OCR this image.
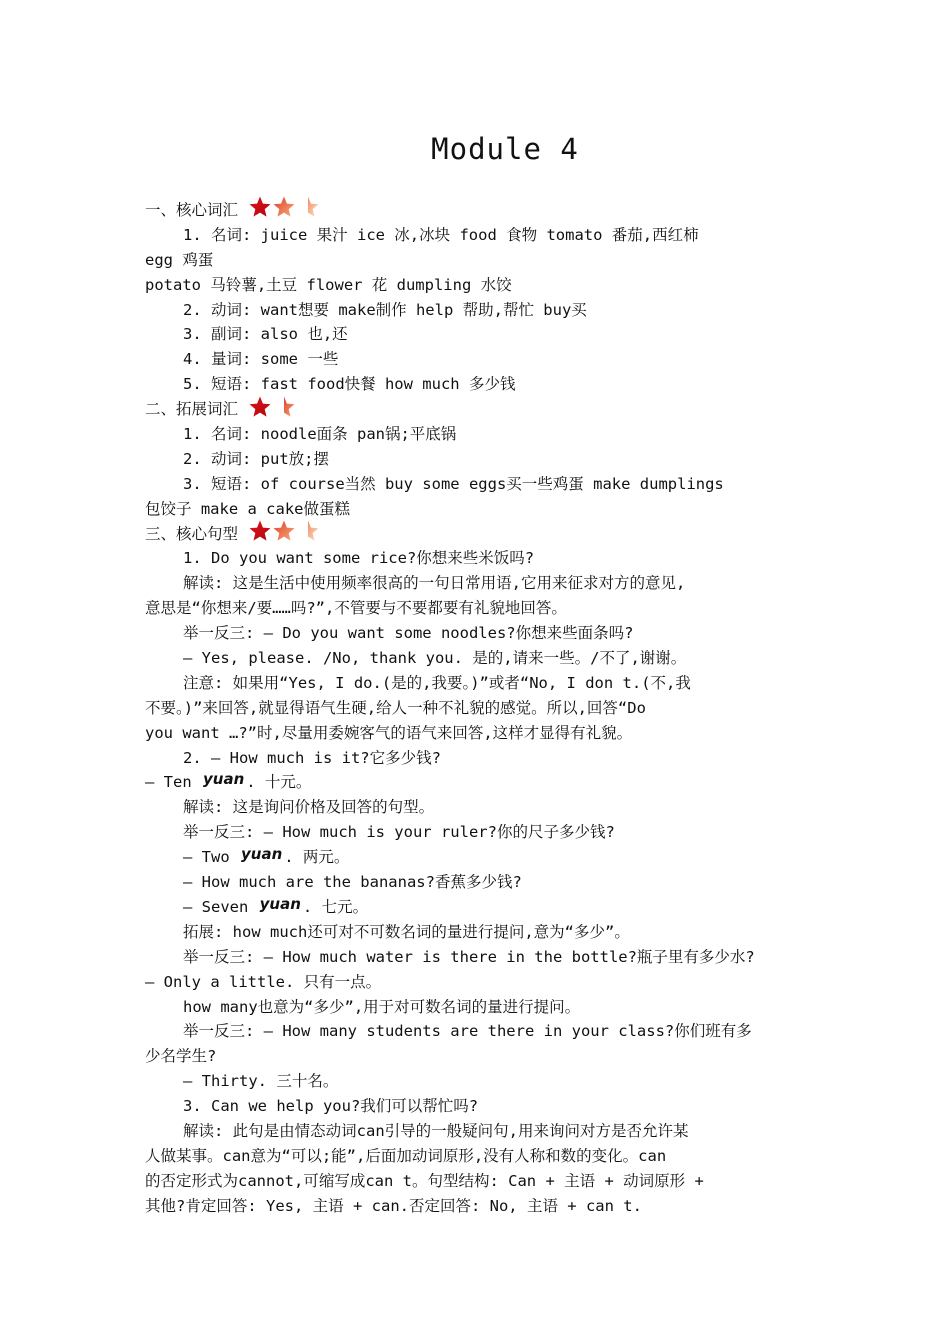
Module 4
一、核心词汇
1. 名词: juice 果汁 ice 冰,冰块 food 食物 tomato 番茄,西红柿
egg 鸡蛋
potato 马铃薯,土豆 flower 花 dumpling 水饺
2. 动词: want想要 make制作 help 帮助,帮忙 buy买
3. 副词: also 也,还
4. 量词: some 一些
5. 短语: fast food快餐 how much 多少钱
二、拓展词汇
1. 名词: noodle面条 pan锅;平底锅
2. 动词: put放;摆
3. 短语: of course当然 buy some eggs买一些鸡蛋 make dumplings
包饺子 make a cake做蛋糕
三、核心句型
1. Do you want some rice?你想来些米饭吗?
解读: 这是生活中使用频率很高的一句日常用语,它用来征求对方的意见,
意思是“你想来/要……吗?”,不管要与不要都要有礼貌地回答。
举一反三: — Do you want some noodles?你想来些面条吗?
— Yes, please. /No, thank you. 是的,请来一些。/不了,谢谢。
注意: 如果用“Yes, I do.(是的,我要。)”或者“No, I don t.(不,我
不要。)”来回答,就显得语气生硬,给人一种不礼貌的感觉。所以,回答“Do
you want …?”时,尽量用委婉客气的语气来回答,这样才显得有礼貌。
2. — How much is it?它多少钱?
— Ten yuan . 十元。
解读: 这是询问价格及回答的句型。
举一反三: — How much is your ruler?你的尺子多少钱?
— Two yuan . 两元。
— How much are the bananas?香蕉多少钱?
— Seven yuan . 七元。
拓展: how much还可对不可数名词的量进行提问,意为“多少”。
举一反三: — How much water is there in the bottle?瓶子里有多少水?
— Only a little. 只有一点。
how many也意为“多少”,用于对可数名词的量进行提问。
举一反三: — How many students are there in your class?你们班有多
少名学生?
— Thirty. 三十名。
3. Can we help you?我们可以帮忙吗?
解读: 此句是由情态动词can引导的一般疑问句,用来询问对方是否允许某
人做某事。can意为“可以;能”,后面加动词原形,没有人称和数的变化。can
的否定形式为cannot,可缩写成can t。句型结构: Can + 主语 + 动词原形 +
其他?肯定回答: Yes, 主语 + can.否定回答: No, 主语 + can t.
